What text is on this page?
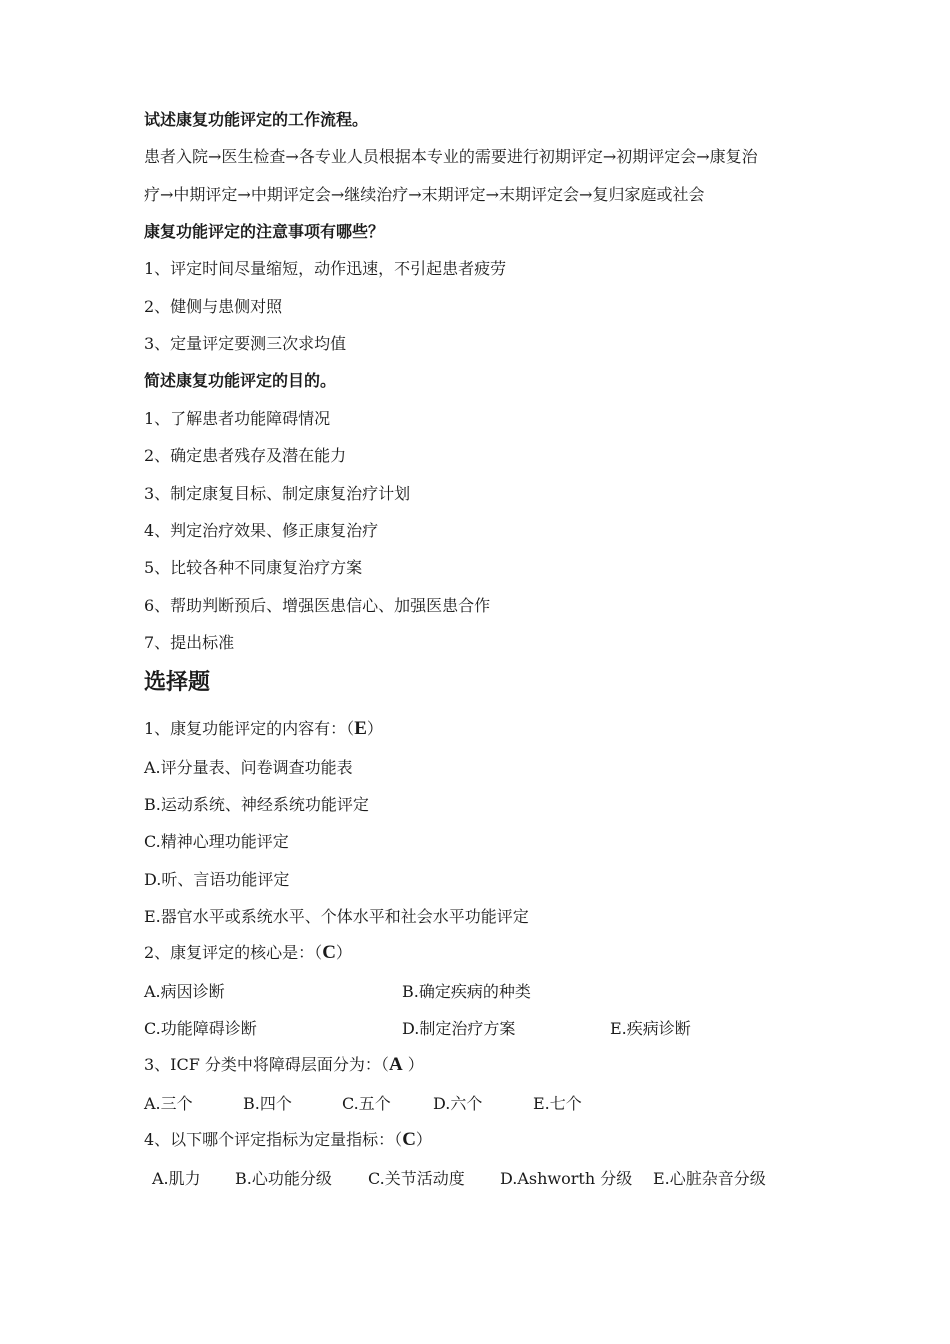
试述康复功能评定的工作流程。
患者入院→医生检查→各专业人员根据本专业的需要进行初期评定→初期评定会→康复治
疗→中期评定→中期评定会→继续治疗→末期评定→末期评定会→复归家庭或社会
康复功能评定的注意事项有哪些？
1、评定时间尽量缩短，动作迅速，不引起患者疲劳
2、健侧与患侧对照
3、定量评定要测三次求均值
简述康复功能评定的目的。
1、了解患者功能障碍情况
2、确定患者残存及潜在能力
3、制定康复目标、制定康复治疗计划
4、判定治疗效果、修正康复治疗
5、比较各种不同康复治疗方案
6、帮助判断预后、增强医患信心、加强医患合作
7、提出标准
选择题
1、康复功能评定的内容有：（E）
A.评分量表、问卷调查功能表
B.运动系统、神经系统功能评定
C.精神心理功能评定
D.听、言语功能评定
E.器官水平或系统水平、个体水平和社会水平功能评定
2、康复评定的核心是：（C）
A.病因诊断	B.确定疾病的种类
C.功能障碍诊断	D.制定治疗方案	E.疾病诊断
3、ICF 分类中将障碍层面分为：（A ）
A.三个	B.四个	C.五个	D.六个	E.七个
4、以下哪个评定指标为定量指标：（C）
A.肌力 B.心功能分级 C.关节活动度 D.Ashworth 分级 E.心脏杂音分级
